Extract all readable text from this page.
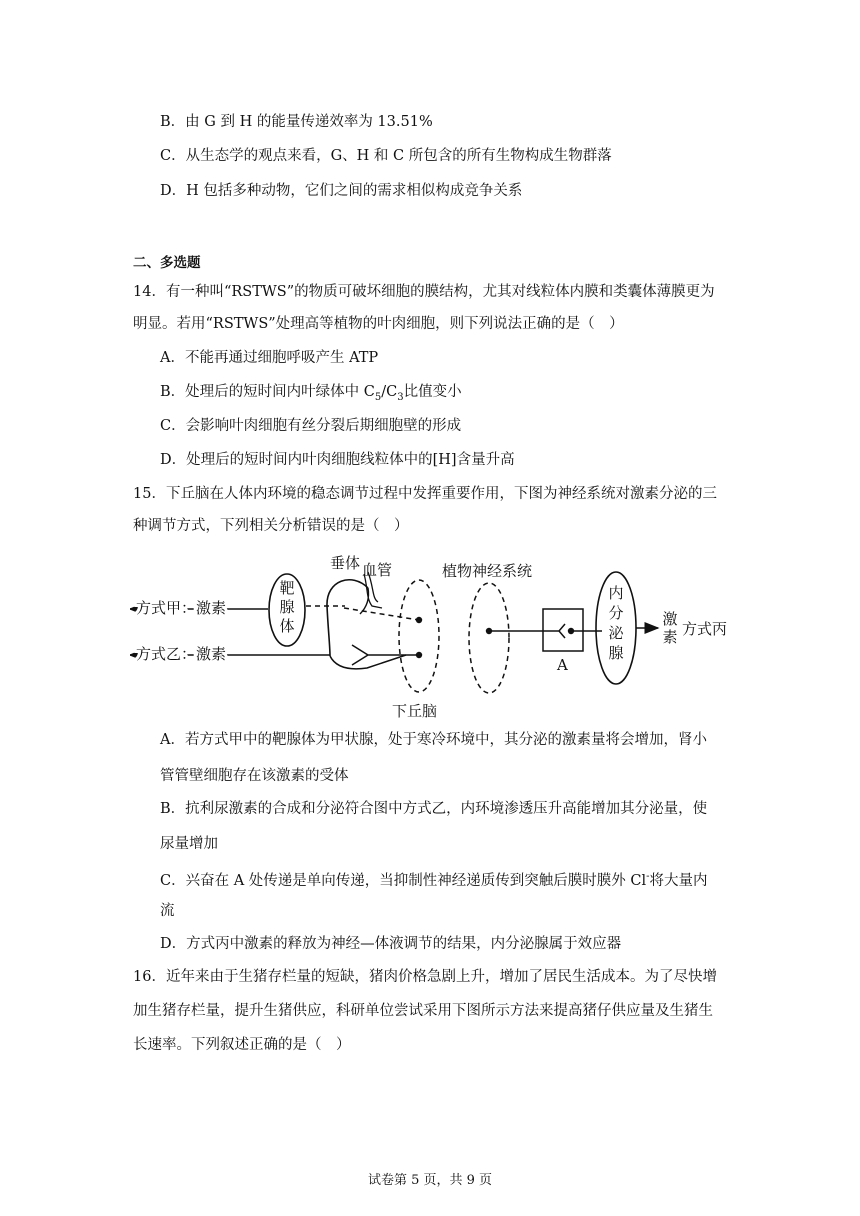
B．由 G 到 H 的能量传递效率为 13.51%
C．从生态学的观点来看，G、H 和 C 所包含的所有生物构成生物群落
D．H 包括多种动物，它们之间的需求相似构成竞争关系
二、多选题
14．有一种叫“RSTWS”的物质可破坏细胞的膜结构，尤其对线粒体内膜和类囊体薄膜更为
明显。若用“RSTWS”处理高等植物的叶肉细胞，则下列说法正确的是（　）
A．不能再通过细胞呼吸产生 ATP
B．处理后的短时间内叶绿体中 $C_5/C_3$比值变小
C．会影响叶肉细胞有丝分裂后期细胞壁的形成
D．处理后的短时间内叶肉细胞线粒体中的[H]含量升高
15．下丘脑在人体内环境的稳态调节过程中发挥重要作用，下图为神经系统对激素分泌的三
种调节方式，下列相关分析错误的是（　）
靶
腺
体
方式甲：激素
垂体 血管
方式乙：激素
下丘脑
植物神经系统
A
内
分
泌
腺
激
素 方式丙
A．若方式甲中的靶腺体为甲状腺，处于寒冷环境中，其分泌的激素量将会增加，肾小
管管壁细胞存在该激素的受体
B．抗利尿激素的合成和分泌符合图中方式乙，内环境渗透压升高能增加其分泌量，使
尿量增加
C．兴奋在 A 处传递是单向传递，当抑制性神经递质传到突触后膜时膜外 Cl-将大量内
流
D．方式丙中激素的释放为神经—体液调节的结果，内分泌腺属于效应器
16．近年来由于生猪存栏量的短缺，猪肉价格急剧上升，增加了居民生活成本。为了尽快增
加生猪存栏量，提升生猪供应，科研单位尝试采用下图所示方法来提高猪仔供应量及生猪生
长速率。下列叙述正确的是（　）
试卷第 5 页，共 9 页
